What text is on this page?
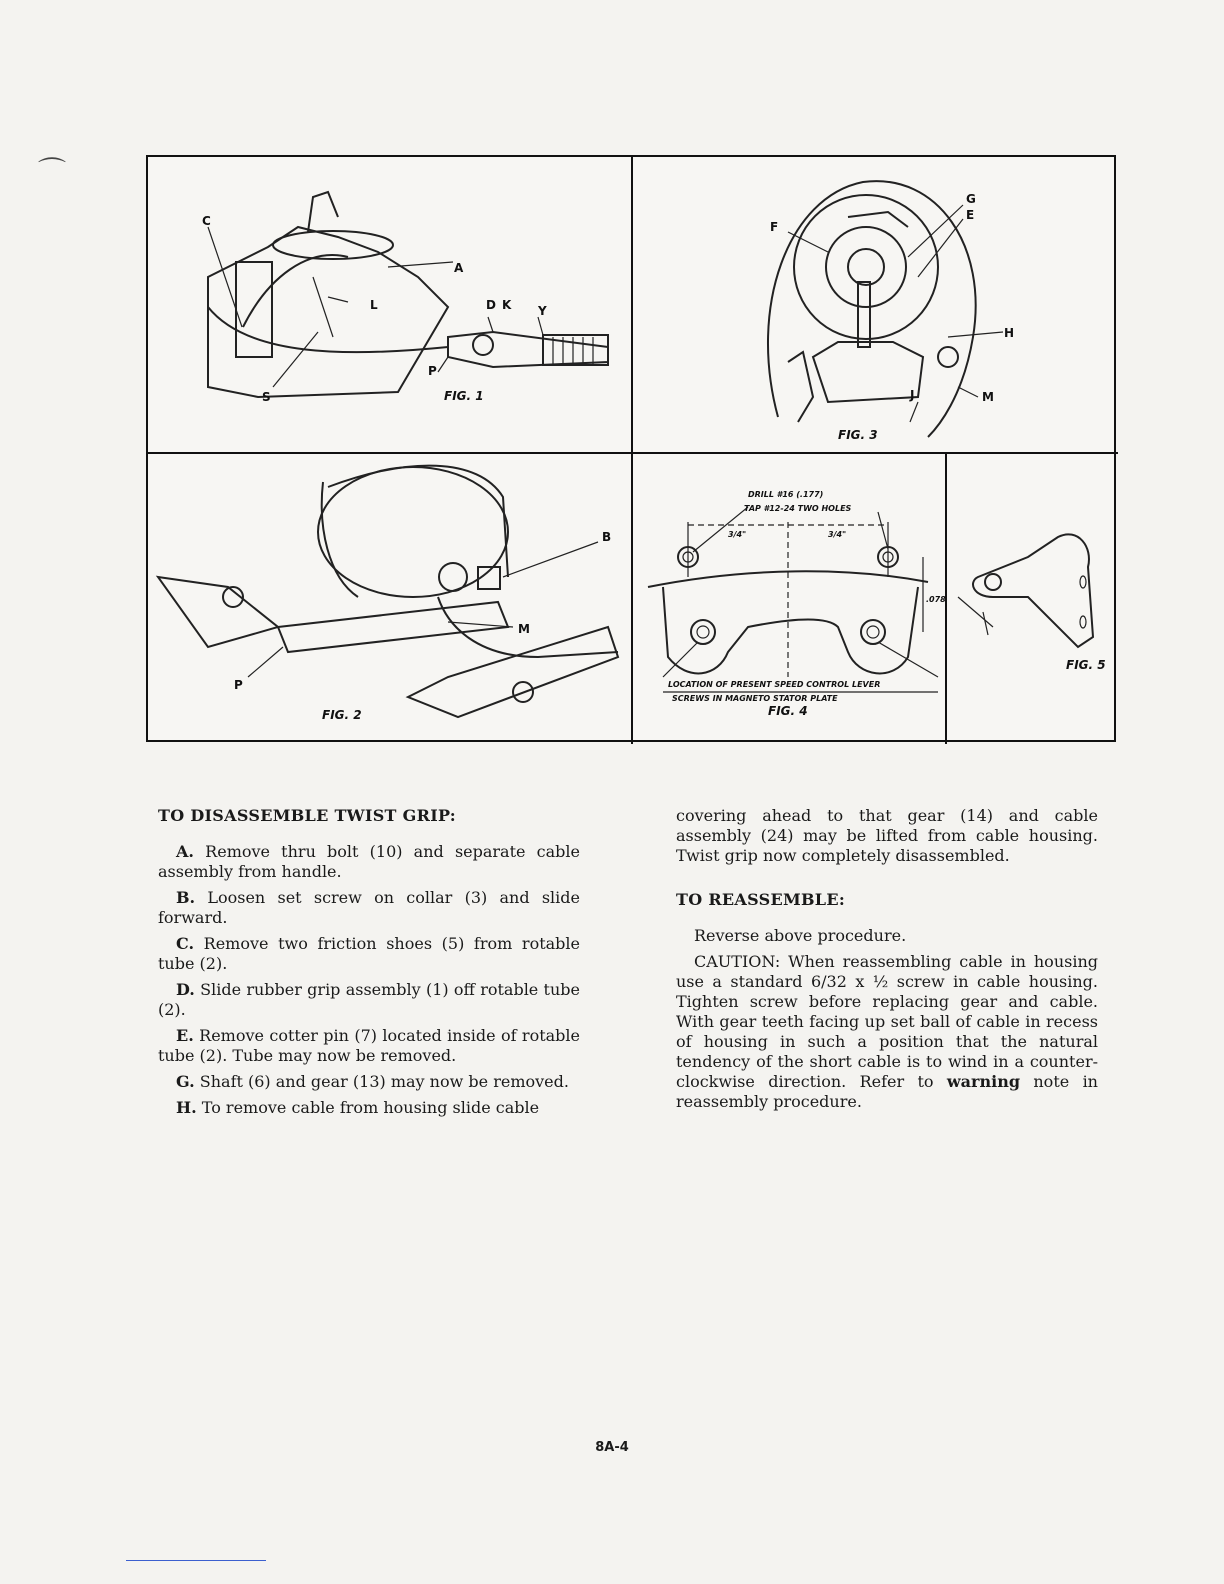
C
A
L	D K Y
P
S	FIG. 1
G
E
F
H
J	M
FIG. 3
B
M
P
FIG. 2
DRILL #16 (.177)
TAP #12-24 TWO HOLES
3/4"	3/4"
.078
LOCATION OF PRESENT SPEED CONTROL LEVER
SCREWS IN MAGNETO STATOR PLATE
FIG. 4
FIG. 5
TO DISASSEMBLE TWIST GRIP:

A. Remove thru bolt (10) and separate cable assembly from handle.

B. Loosen set screw on collar (3) and slide forward.

C. Remove two friction shoes (5) from rotable tube (2).

D. Slide rubber grip assembly (1) off rotable tube (2).

E. Remove cotter pin (7) located inside of rotable tube (2). Tube may now be removed.

G. Shaft (6) and gear (13) may now be removed.

H. To remove cable from housing slide cable

covering ahead to that gear (14) and cable assembly (24) may be lifted from cable housing. Twist grip now completely disassembled.

TO REASSEMBLE:

Reverse above procedure.

CAUTION: When reassembling cable in housing use a standard 6/32 x ½ screw in cable housing. Tighten screw before replacing gear and cable. With gear teeth facing up set ball of cable in recess of housing in such a position that the natural tendency of the short cable is to wind in a counter-clockwise direction. Refer to warning note in reassembly procedure.

8A-4
⌒
